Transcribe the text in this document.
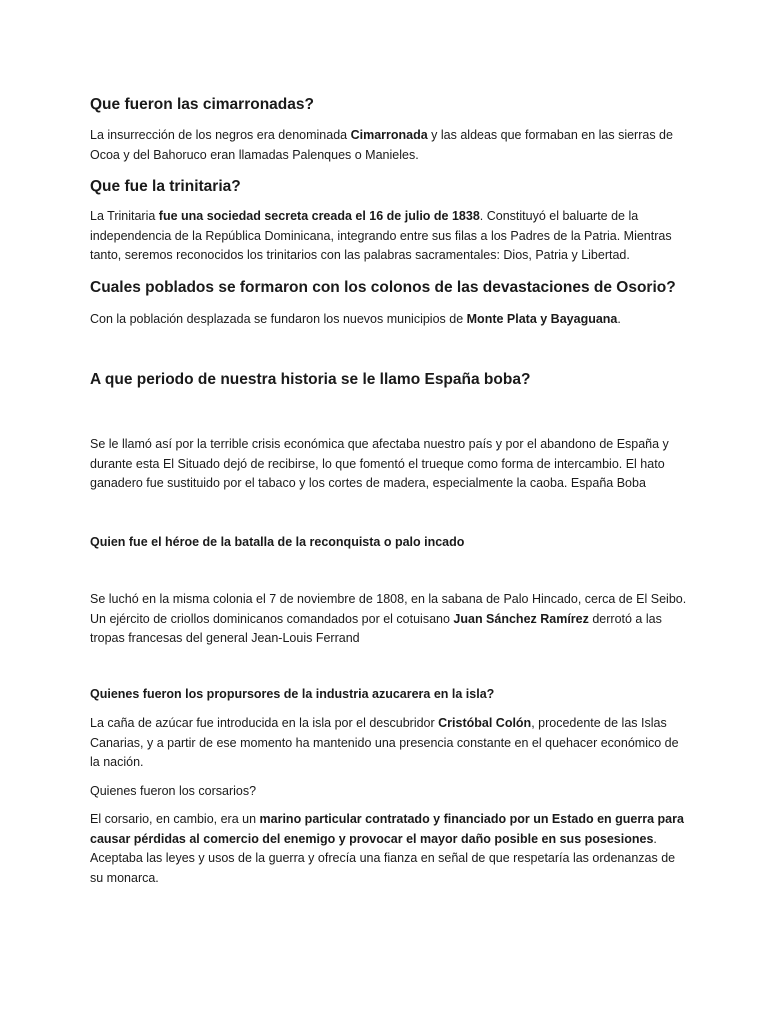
Que fueron las cimarronadas?

La insurrección de los negros era denominada Cimarronada y las aldeas que formaban en las sierras de Ocoa y del Bahoruco eran llamadas Palenques o Manieles.

Que fue la trinitaria?

La Trinitaria fue una sociedad secreta creada el 16 de julio de 1838. Constituyó el baluarte de la independencia de la República Dominicana, integrando entre sus filas a los Padres de la Patria. Mientras tanto, seremos reconocidos los trinitarios con las palabras sacramentales: Dios, Patria y Libertad.

Cuales poblados se formaron con los colonos de las devastaciones de Osorio?

Con la población desplazada se fundaron los nuevos municipios de Monte Plata y Bayaguana.

A que periodo de nuestra historia se le llamo España boba?

Se le llamó así por la terrible crisis económica que afectaba nuestro país y por el abandono de España y durante esta El Situado dejó de recibirse, lo que fomentó el trueque como forma de intercambio. El hato ganadero fue sustituido por el tabaco y los cortes de madera, especialmente la caoba. España Boba

Quien fue el héroe de la batalla de la reconquista o palo incado

Se luchó en la misma colonia el 7 de noviembre de 1808, en la sabana de Palo Hincado, cerca de El Seibo. Un ejército de criollos dominicanos comandados por el cotuisano Juan Sánchez Ramírez derrotó a las tropas francesas del general Jean-Louis Ferrand

Quienes fueron los propursores de la industria azucarera en la isla?

La caña de azúcar fue introducida en la isla por el descubridor Cristóbal Colón, procedente de las Islas Canarias, y a partir de ese momento ha mantenido una presencia constante en el quehacer económico de la nación.

Quienes fueron los corsarios?

El corsario, en cambio, era un marino particular contratado y financiado por un Estado en guerra para causar pérdidas al comercio del enemigo y provocar el mayor daño posible en sus posesiones. Aceptaba las leyes y usos de la guerra y ofrecía una fianza en señal de que respetaría las ordenanzas de su monarca.
